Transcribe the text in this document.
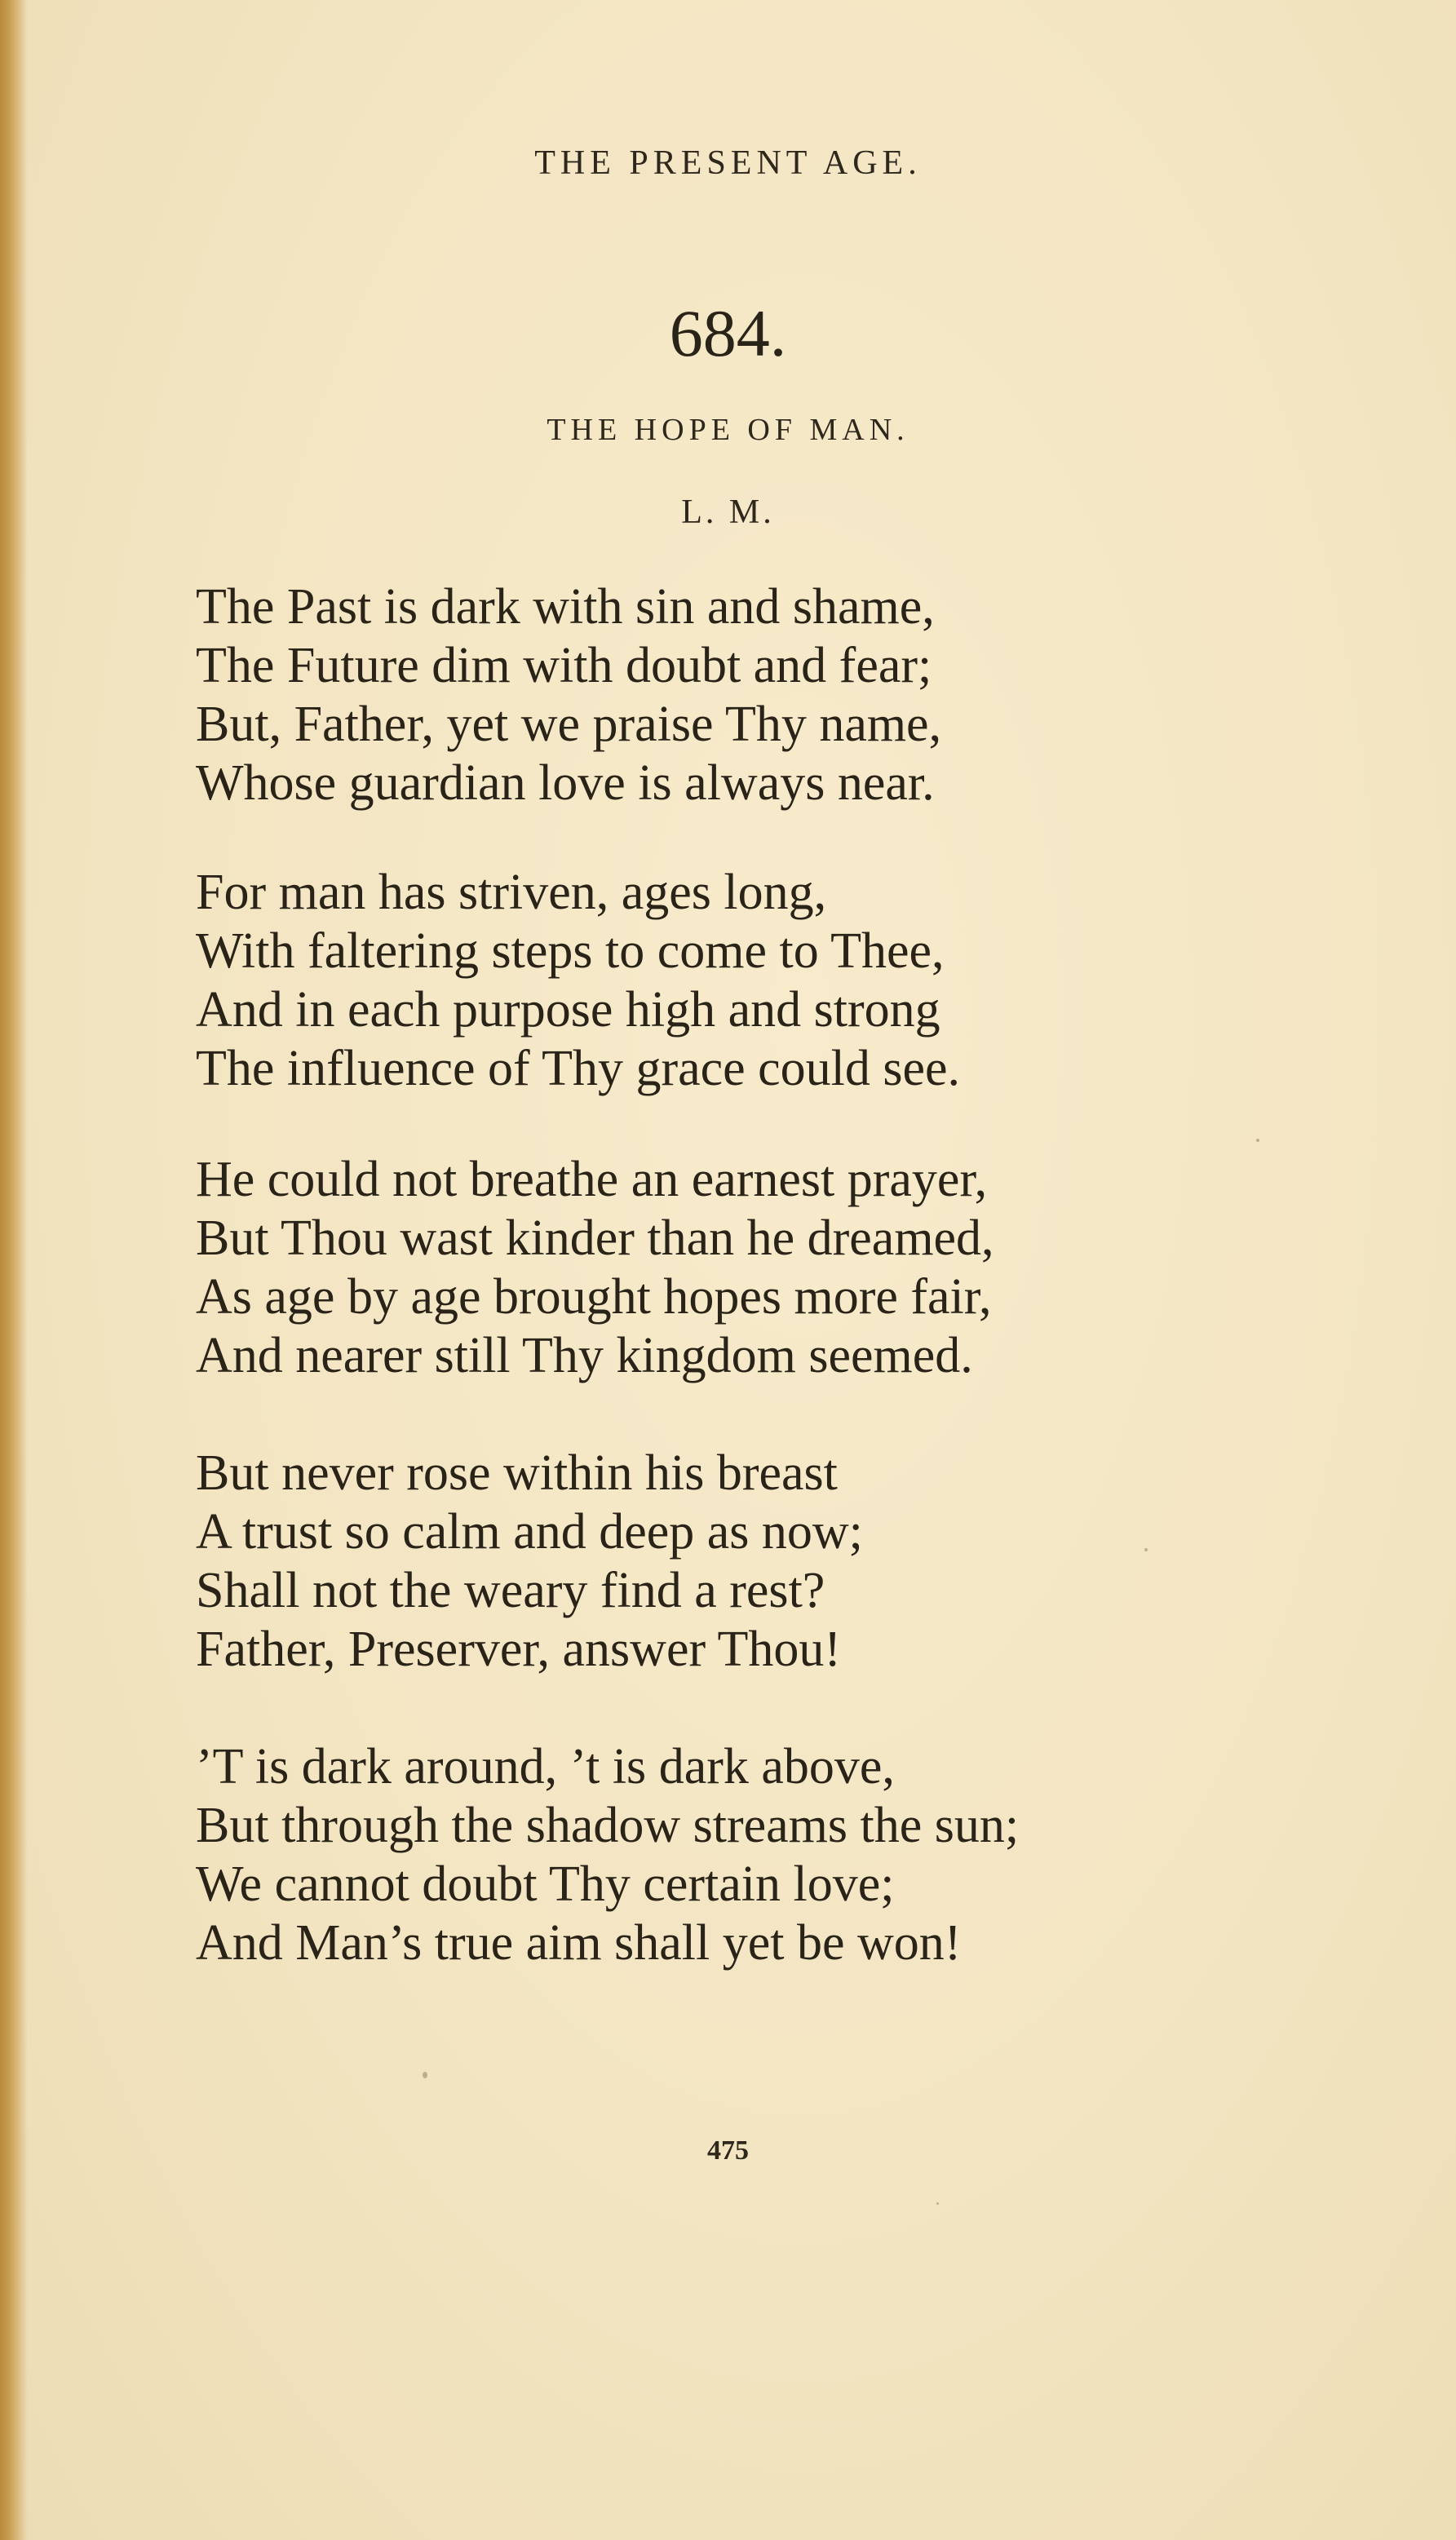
THE PRESENT AGE.
684.
THE HOPE OF MAN.
L. M.
The Past is dark with sin and shame,
The Future dim with doubt and fear;
But, Father, yet we praise Thy name,
Whose guardian love is always near.
For man has striven, ages long,
With faltering steps to come to Thee,
And in each purpose high and strong
The influence of Thy grace could see.
He could not breathe an earnest prayer,
But Thou wast kinder than he dreamed,
As age by age brought hopes more fair,
And nearer still Thy kingdom seemed.
But never rose within his breast
A trust so calm and deep as now;
Shall not the weary find a rest?
Father, Preserver, answer Thou!
’T is dark around, ’t is dark above,
But through the shadow streams the sun;
We cannot doubt Thy certain love;
And Man’s true aim shall yet be won!
475
